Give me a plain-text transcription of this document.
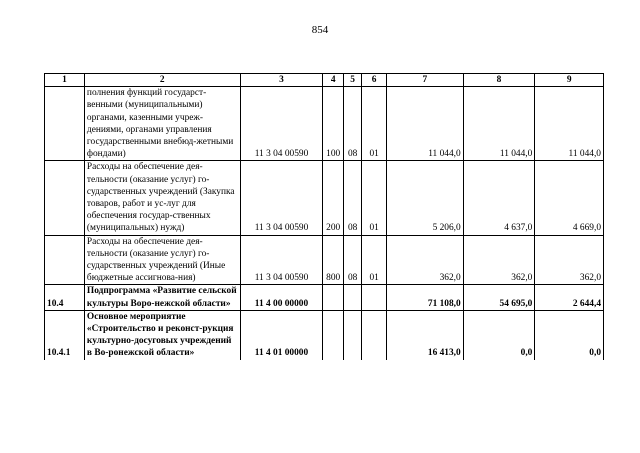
854
1	2	3	4	5	6	7	8	9
	полнения функций государст-венными (муниципальными) органами, казенными учреж-дениями, органами управления государственными внебюд-жетными фондами)	11 3 04 00590	100	08	01	11 044,0	11 044,0	11 044,0
	Расходы на обеспечение дея-тельности (оказание услуг) го-сударственных учреждений (Закупка товаров, работ и ус-луг для обеспечения государ-ственных (муниципальных) нужд)	11 3 04 00590	200	08	01	5 206,0	4 637,0	4 669,0
	Расходы на обеспечение дея-тельности (оказание услуг) го-сударственных учреждений (Иные бюджетные ассигнова-ния)	11 3 04 00590	800	08	01	362,0	362,0	362,0
10.4	Подпрограмма «Развитие сельской культуры Воро-нежской области»	11 4 00 00000				71 108,0	54 695,0	2 644,4
10.4.1	Основное мероприятие «Строительство и реконст-рукция культурно-досуговых учреждений в Во-ронежской области»	11 4 01 00000				16 413,0	0,0	0,0
